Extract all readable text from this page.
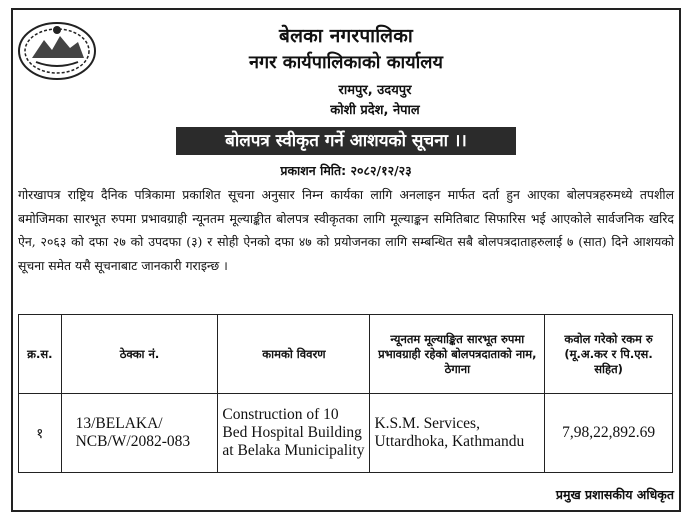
बेलका नगरपालिका
नगर कार्यपालिकाको कार्यालय
रामपुर, उदयपुर
कोशी प्रदेश, नेपाल
बोलपत्र स्वीकृत गर्ने आशयको सूचना ।।
प्रकाशन मिति: २०८२/१२/२३
गोरखापत्र राष्ट्रिय दैनिक पत्रिकामा प्रकाशित सूचना अनुसार निम्न कार्यका लागि अनलाइन मार्फत दर्ता हुन आएका बोलपत्रहरुमध्ये तपशील बमोजिमका सारभूत रुपमा प्रभावग्राही न्यूनतम मूल्याङ्कीत बोलपत्र स्वीकृतका लागि मूल्याङ्कन समितिबाट सिफारिस भई आएकोले सार्वजनिक खरिद ऐन, २०६३ को दफा २७ को उपदफा (३) र सोही ऐनको दफा ४७ को प्रयोजनका लागि सम्बन्धित सबै बोलपत्रदाताहरुलाई ७ (सात) दिने आशयको सूचना समेत यसै सूचनाबाट जानकारी गराइन्छ ।
क्र.स.	ठेक्का नं.	कामको विवरण	न्यूनतम मूल्याङ्कित सारभूत रुपमा प्रभावग्राही रहेको बोलपत्रदाताको नाम, ठेगाना	कवोल गरेको रकम रु (मू.अ.कर र पि.एस. सहित)
१	13/BELAKA/ NCB/W/2082-083	Construction of 10 Bed Hospital Building at Belaka Municipality	K.S.M. Services, Uttardhoka, Kathmandu	7,98,22,892.69
प्रमुख प्रशासकीय अधिकृत
